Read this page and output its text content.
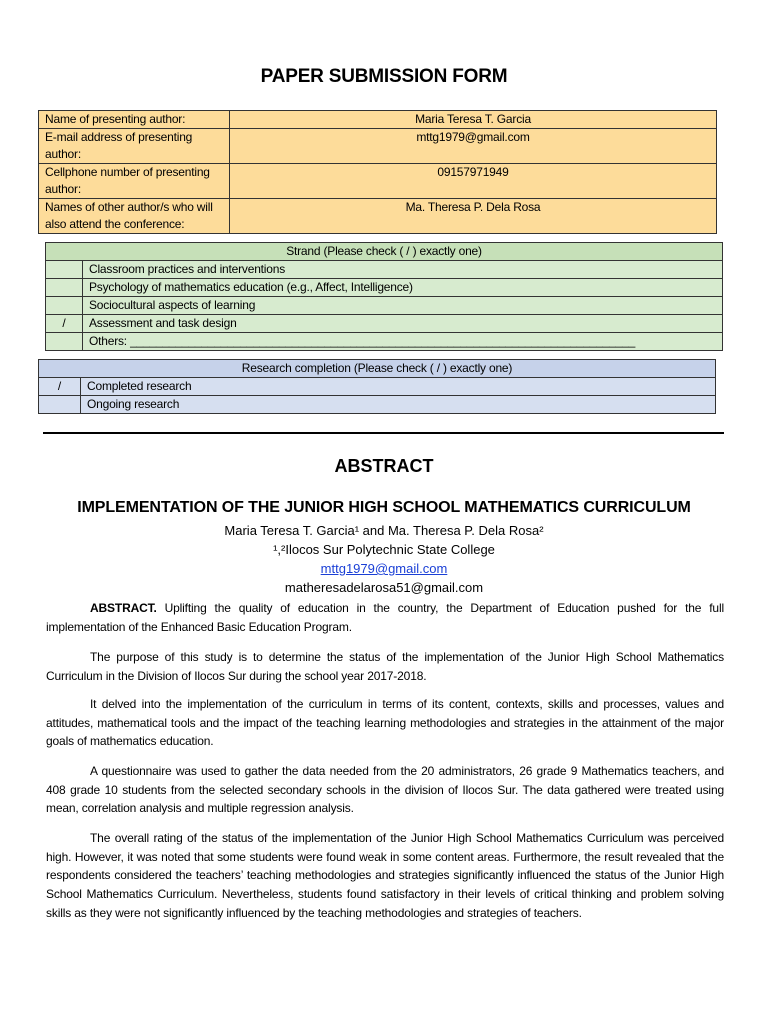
PAPER SUBMISSION FORM
Name of presenting author:	Maria Teresa T. Garcia
E-mail address of presenting author:	mttg1979@gmail.com
Cellphone number of presenting author:	09157971949
Names of other author/s who will also attend the conference:	Ma. Theresa P. Dela Rosa
Strand (Please check ( / ) exactly one)	
	Classroom practices and interventions
	Psychology of mathematics education (e.g., Affect, Intelligence)
	Sociocultural aspects of learning
/	Assessment and task design
	Others: ______________________________________________________________________________
Research completion (Please check ( / ) exactly one)	
/	Completed research
	Ongoing research
ABSTRACT
IMPLEMENTATION OF THE JUNIOR HIGH SCHOOL MATHEMATICS CURRICULUM
Maria Teresa T. Garcia¹ and Ma. Theresa P. Dela Rosa²
¹,²Ilocos Sur Polytechnic State College
mttg1979@gmail.com
matheresadelarosa51@gmail.com
ABSTRACT. Uplifting the quality of education in the country, the Department of Education pushed for the full implementation of the Enhanced Basic Education Program.
The purpose of this study is to determine the status of the implementation of the Junior High School Mathematics Curriculum in the Division of Ilocos Sur during the school year 2017-2018.
It delved into the implementation of the curriculum in terms of its content, contexts, skills and processes, values and attitudes, mathematical tools and the impact of the teaching learning methodologies and strategies in the attainment of the major goals of mathematics education.
A questionnaire was used to gather the data needed from the 20 administrators, 26 grade 9 Mathematics teachers, and 408 grade 10 students from the selected secondary schools in the division of Ilocos Sur. The data gathered were treated using mean, correlation analysis and multiple regression analysis.
The overall rating of the status of the implementation of the Junior High School Mathematics Curriculum was perceived high. However, it was noted that some students were found weak in some content areas. Furthermore, the result revealed that the respondents considered the teachers’ teaching methodologies and strategies significantly influenced the status of the Junior High School Mathematics Curriculum. Nevertheless, students found satisfactory in their levels of critical thinking and problem solving skills as they were not significantly influenced by the teaching methodologies and strategies of teachers.
